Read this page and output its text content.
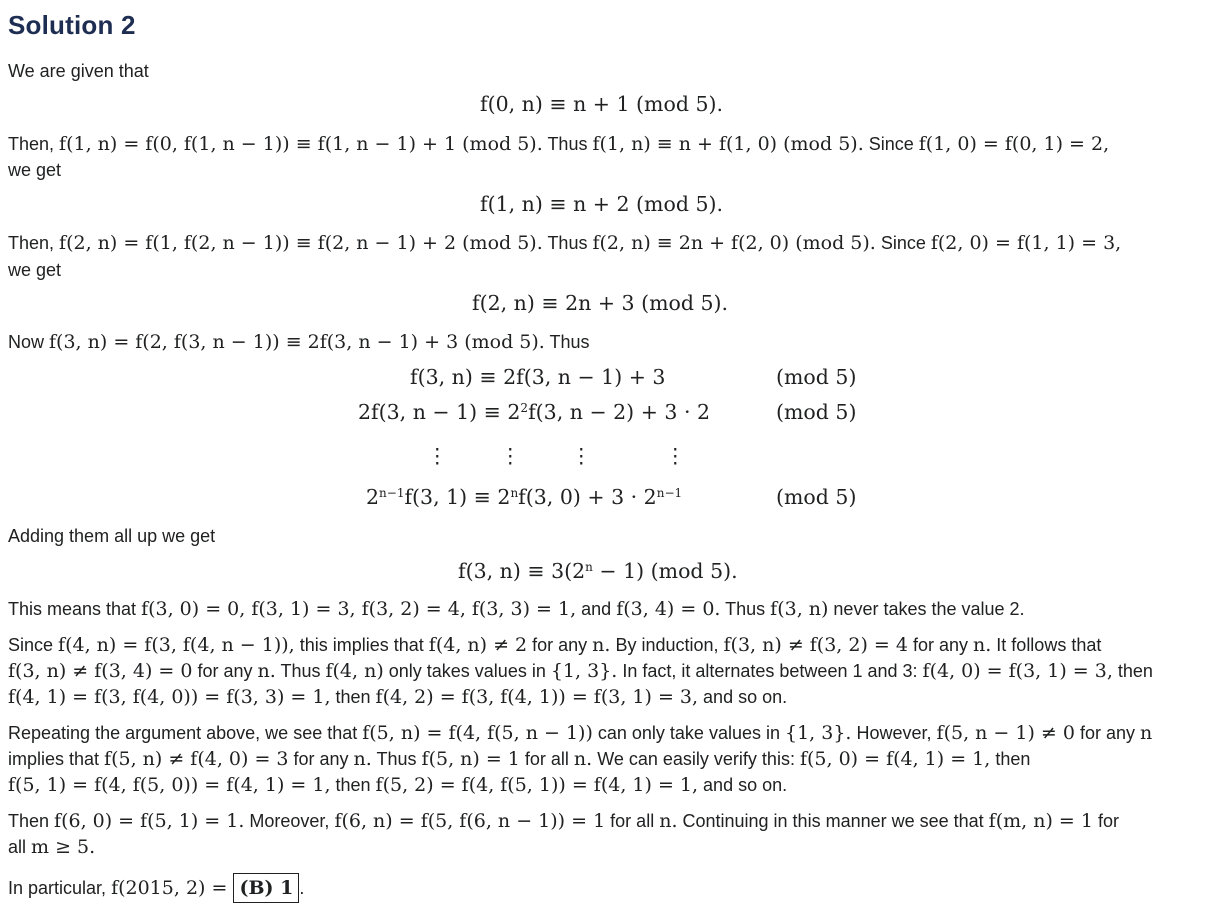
Solution 2
We are given that
f(0, n) ≡ n + 1 (mod 5).
Then, f(1, n) = f(0, f(1, n − 1)) ≡ f(1, n − 1) + 1 (mod 5). Thus f(1, n) ≡ n + f(1, 0) (mod 5). Since f(1, 0) = f(0, 1) = 2,
we get
f(1, n) ≡ n + 2 (mod 5).
Then, f(2, n) = f(1, f(2, n − 1)) ≡ f(2, n − 1) + 2 (mod 5). Thus f(2, n) ≡ 2n + f(2, 0) (mod 5). Since f(2, 0) = f(1, 1) = 3,
we get
f(2, n) ≡ 2n + 3 (mod 5).
Now f(3, n) = f(2, f(3, n − 1)) ≡ 2f(3, n − 1) + 3 (mod 5). Thus
f(3, n) ≡ 2f(3, n − 1) + 3	(mod 5)
2f(3, $n - 1) \equiv 2^2f(3$, n − 2) + 3 · 2	(mod 5)
⋮	⋮ ⋮	⋮
$2^{n-1}f(3$, $1) \equiv 2^nf(3$, $0) + 3 \cdot 2^{n-1}$	(mod 5)
Adding them all up we get
f(3, $n) \equiv 3(2^n - 1)$ (mod 5).
This means that f(3, 0) = 0, f(3, 1) = 3, f(3, 2) = 4, f(3, 3) = 1, and f(3, 4) = 0. Thus f(3, n) never takes the value 2.
Since f(4, n) = f(3, f(4, n − 1)), this implies that f(4, n) ≠ 2 for any n. By induction, f(3, n) ≠ f(3, 2) = 4 for any n. It follows that
f(3, n) ≠ f(3, 4) = 0 for any n. Thus f(4, n) only takes values in {1, 3}. In fact, it alternates between 1 and 3: f(4, 0) = f(3, 1) = 3, then
f(4, 1) = f(3, f(4, 0)) = f(3, 3) = 1, then f(4, 2) = f(3, f(4, 1)) = f(3, 1) = 3, and so on.
Repeating the argument above, we see that f(5, n) = f(4, f(5, n − 1)) can only take values in {1, 3}. However, f(5, n − 1) ≠ 0 for any n
implies that f(5, n) ≠ f(4, 0) = 3 for any n. Thus f(5, n) = 1 for all n. We can easily verify this: f(5, 0) = f(4, 1) = 1, then
f(5, 1) = f(4, f(5, 0)) = f(4, 1) = 1, then f(5, 2) = f(4, f(5, 1)) = f(4, 1) = 1, and so on.
Then f(6, 0) = f(5, 1) = 1. Moreover, f(6, n) = f(5, f(6, n − 1)) = 1 for all n. Continuing in this manner we see that f(m, n) = 1 for
all m ≥ 5.
In particular, f(2015, 2) = (B) 1 .
